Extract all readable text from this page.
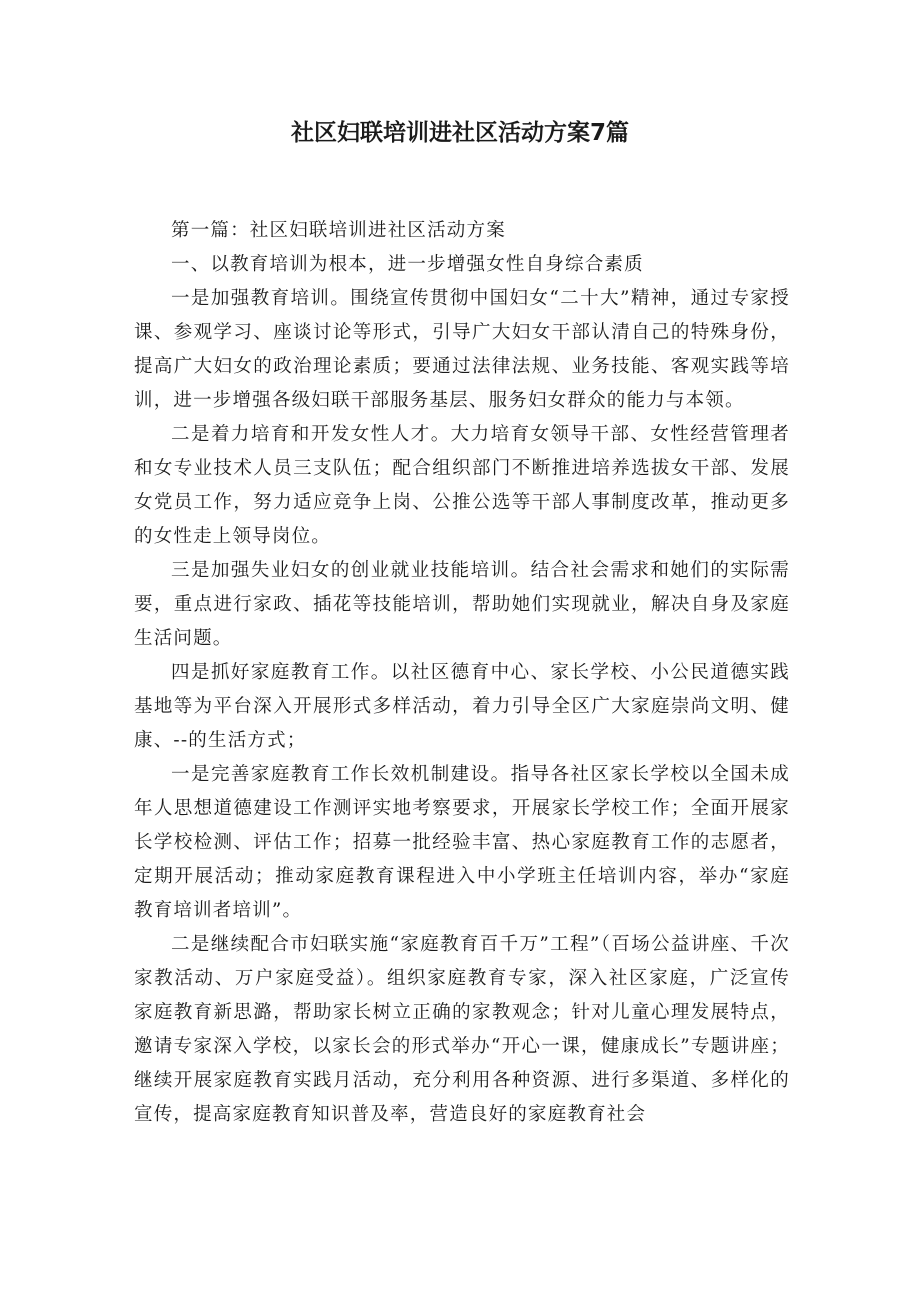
社区妇联培训进社区活动方案7篇

第一篇：社区妇联培训进社区活动方案

一、以教育培训为根本，进一步增强女性自身综合素质

一是加强教育培训。围绕宣传贯彻中国妇女“二十大”精神，通过专家授课、参观学习、座谈讨论等形式，引导广大妇女干部认清自己的特殊身份，提高广大妇女的政治理论素质；要通过法律法规、业务技能、客观实践等培训，进一步增强各级妇联干部服务基层、服务妇女群众的能力与本领。

二是着力培育和开发女性人才。大力培育女领导干部、女性经营管理者和女专业技术人员三支队伍；配合组织部门不断推进培养选拔女干部、发展女党员工作，努力适应竞争上岗、公推公选等干部人事制度改革，推动更多的女性走上领导岗位。

三是加强失业妇女的创业就业技能培训。结合社会需求和她们的实际需要，重点进行家政、插花等技能培训，帮助她们实现就业，解决自身及家庭生活问题。

四是抓好家庭教育工作。以社区德育中心、家长学校、小公民道德实践基地等为平台深入开展形式多样活动，着力引导全区广大家庭崇尚文明、健康、--的生活方式；

一是完善家庭教育工作长效机制建设。指导各社区家长学校以全国未成年人思想道德建设工作测评实地考察要求，开展家长学校工作；全面开展家长学校检测、评估工作；招募一批经验丰富、热心家庭教育工作的志愿者，定期开展活动；推动家庭教育课程进入中小学班主任培训内容，举办“家庭教育培训者培训”。

二是继续配合市妇联实施“家庭教育百千万”工程”（百场公益讲座、千次家教活动、万户家庭受益）。组织家庭教育专家，深入社区家庭，广泛宣传家庭教育新思潞，帮助家长树立正确的家教观念；针对儿童心理发展特点，邀请专家深入学校，以家长会的形式举办“开心一课，健康成长”专题讲座；继续开展家庭教育实践月活动，充分利用各种资源、进行多渠道、多样化的宣传，提高家庭教育知识普及率，营造良好的家庭教育社会
